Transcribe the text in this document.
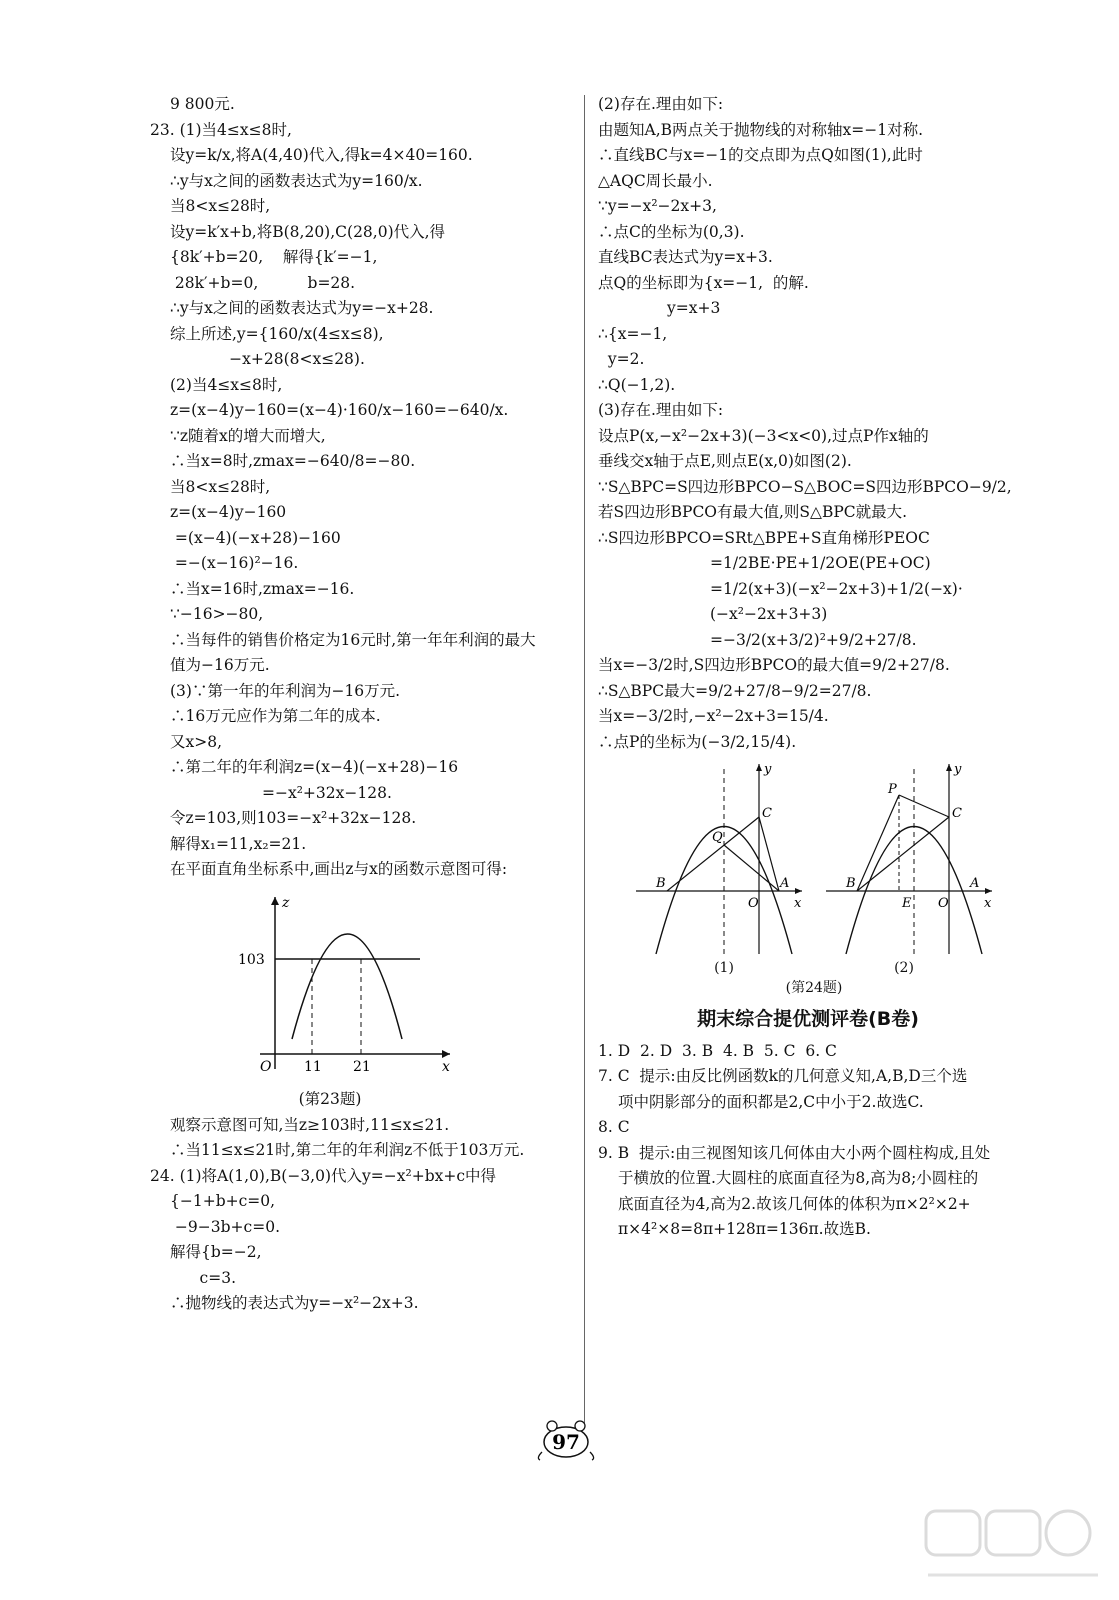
9 800元.
23. (1)当4≤x≤8时,
设y=k/x,将A(4,40)代入,得k=4×40=160.
∴y与x之间的函数表达式为y=160/x.
当8<x≤28时,
设y=k′x+b,将B(8,20),C(28,0)代入,得
{8k′+b=20,    解得{k′=−1,
28k′+b=0,          b=28.
∴y与x之间的函数表达式为y=−x+28.
综上所述,y={160/x(4≤x≤8),
−x+28(8<x≤28).
(2)当4≤x≤8时,
z=(x−4)y−160=(x−4)·160/x−160=−640/x.
∵z随着x的增大而增大,
∴当x=8时,zmax=−640/8=−80.
当8<x≤28时,
z=(x−4)y−160
=(x−4)(−x+28)−160
=−(x−16)²−16.
∴当x=16时,zmax=−16.
∵−16>−80,
∴当每件的销售价格定为16元时,第一年年利润的最大
值为−16万元.
(3)∵第一年的年利润为−16万元.
∴16万元应作为第二年的成本.
又x>8,
∴第二年的年利润z=(x−4)(−x+28)−16
=−x²+32x−128.
令z=103,则103=−x²+32x−128.
解得x₁=11,x₂=21.
在平面直角坐标系中,画出z与x的函数示意图可得:
z
x
O
103
11 21
(第23题)
观察示意图可知,当z≥103时,11≤x≤21.
∴当11≤x≤21时,第二年的年利润z不低于103万元.
24. (1)将A(1,0),B(−3,0)代入y=−x²+bx+c中得
{−1+b+c=0,
−9−3b+c=0.
解得{b=−2,
c=3.
∴抛物线的表达式为y=−x²−2x+3.
(2)存在.理由如下:
由题知A,B两点关于抛物线的对称轴x=−1对称.
∴直线BC与x=−1的交点即为点Q如图(1),此时
△AQC周长最小.
∵y=−x²−2x+3,
∴点C的坐标为(0,3).
直线BC表达式为y=x+3.
点Q的坐标即为{x=−1,  的解.
y=x+3
∴{x=−1,
y=2.
∴Q(−1,2).
(3)存在.理由如下:
设点P(x,−x²−2x+3)(−3<x<0),过点P作x轴的
垂线交x轴于点E,则点E(x,0)如图(2).
∵S△BPC=S四边形BPCO−S△BOC=S四边形BPCO−9/2,
若S四边形BPCO有最大值,则S△BPC就最大.
∴S四边形BPCO=SRt△BPE+S直角梯形PEOC
=1/2BE·PE+1/2OE(PE+OC)
=1/2(x+3)(−x²−2x+3)+1/2(−x)·
(−x²−2x+3+3)
=−3/2(x+3/2)²+9/2+27/8.
当x=−3/2时,S四边形BPCO的最大值=9/2+27/8.
∴S△BPC最大=9/2+27/8−9/2=27/8.
当x=−3/2时,−x²−2x+3=15/4.
∴点P的坐标为(−3/2,15/4).
y
C
Q
B	A
O	x
y
P
C
B
E O
A
x
(1)	(2)
(第24题)
期末综合提优测评卷(B卷)
1. D  2. D  3. B  4. B  5. C  6. C
7. C  提示:由反比例函数k的几何意义知,A,B,D三个选
项中阴影部分的面积都是2,C中小于2.故选C.
8. C
9. B  提示:由三视图知该几何体由大小两个圆柱构成,且处
于横放的位置.大圆柱的底面直径为8,高为8;小圆柱的
底面直径为4,高为2.故该几何体的体积为π×2²×2+
π×4²×8=8π+128π=136π.故选B.
97
